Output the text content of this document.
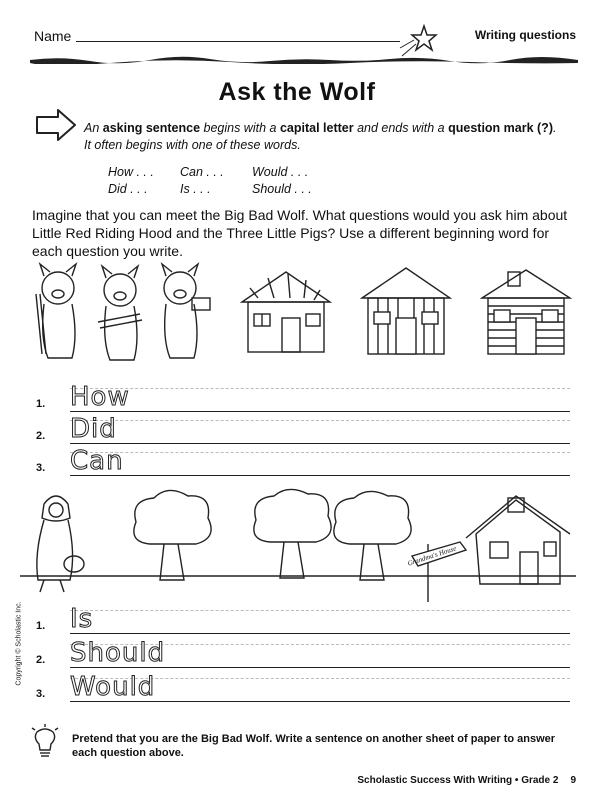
Name	Writing questions
Ask the Wolf
An asking sentence begins with a capital letter and ends with a question mark (?).
It often begins with one of these words.
How . . . Can . . . Would . . .
Did . . .	Is . . .	Should . . .
Imagine that you can meet the Big Bad Wolf. What questions would you ask him about Little Red Riding Hood and the Three Little Pigs? Use a different beginning word for each question you write.
1. How
2. Did
3. Can
Grandma's House
1. Is
2. Should
3. Would
Pretend that you are the Big Bad Wolf. Write a sentence on another sheet of paper to answer each question above.
Scholastic Success With Writing • Grade 2 9
Copyright © Scholastic Inc.
